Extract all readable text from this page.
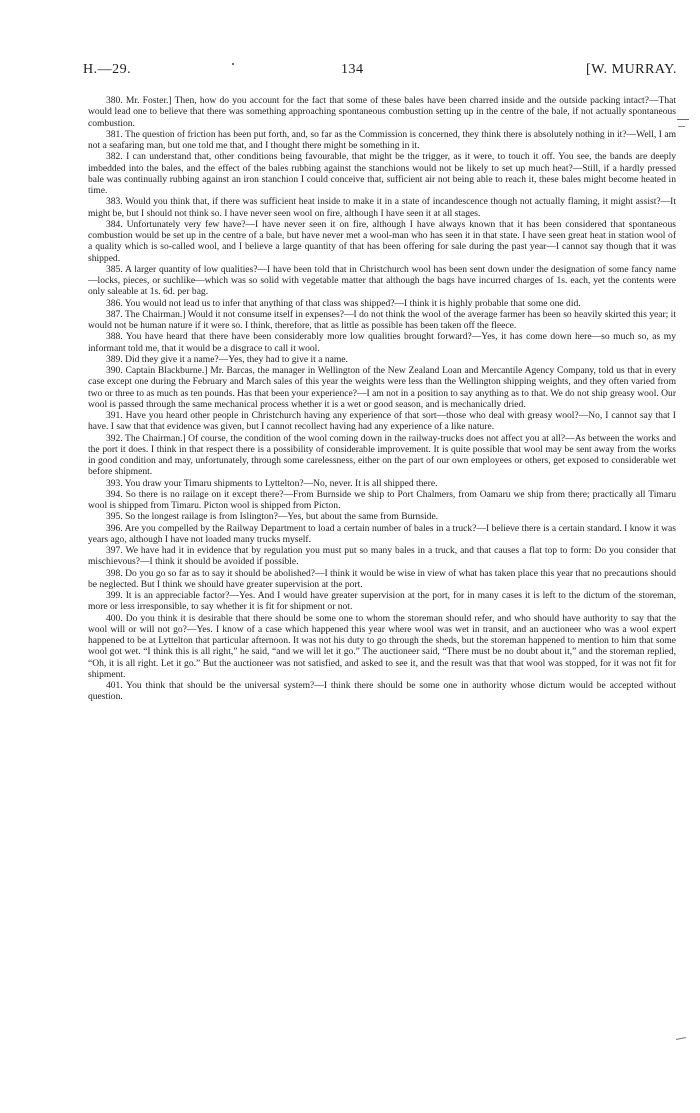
H.—29.	134	[W. MURRAY.

380. Mr. Foster.] Then, how do you account for the fact that some of these bales have been charred inside and the outside packing intact?—That would lead one to believe that there was something approaching spontaneous combustion setting up in the centre of the bale, if not actually spontaneous combustion.

381. The question of friction has been put forth, and, so far as the Commission is concerned, they think there is absolutely nothing in it?—Well, I am not a seafaring man, but one told me that, and I thought there might be something in it.

382. I can understand that, other conditions being favourable, that might be the trigger, as it were, to touch it off. You see, the bands are deeply imbedded into the bales, and the effect of the bales rubbing against the stanchions would not be likely to set up much heat?—Still, if a hardly pressed bale was continually rubbing against an iron stanchion I could conceive that, sufficient air not being able to reach it, these bales might become heated in time.

383. Would you think that, if there was sufficient heat inside to make it in a state of incandescence though not actually flaming, it might assist?—It might be, but I should not think so. I have never seen wool on fire, although I have seen it at all stages.

384. Unfortunately very few have?—I have never seen it on fire, although I have always known that it has been considered that spontaneous combustion would be set up in the centre of a bale, but have never met a wool-man who has seen it in that state. I have seen great heat in station wool of a quality which is so-called wool, and I believe a large quantity of that has been offering for sale during the past year—I cannot say though that it was shipped.

385. A larger quantity of low qualities?—I have been told that in Christchurch wool has been sent down under the designation of some fancy name—locks, pieces, or suchlike—which was so solid with vegetable matter that although the bags have incurred charges of 1s. each, yet the contents were only saleable at 1s. 6d. per bag.

386. You would not lead us to infer that anything of that class was shipped?—I think it is highly probable that some one did.

387. The Chairman.] Would it not consume itself in expenses?—I do not think the wool of the average farmer has been so heavily skirted this year; it would not be human nature if it were so. I think, therefore, that as little as possible has been taken off the fleece.

388. You have heard that there have been considerably more low qualities brought forward?—Yes, it has come down here—so much so, as my informant told me, that it would be a disgrace to call it wool.

389. Did they give it a name?—Yes, they had to give it a name.

390. Captain Blackburne.] Mr. Barcas, the manager in Wellington of the New Zealand Loan and Mercantile Agency Company, told us that in every case except one during the February and March sales of this year the weights were less than the Wellington shipping weights, and they often varied from two or three to as much as ten pounds. Has that been your experience?—I am not in a position to say anything as to that. We do not ship greasy wool. Our wool is passed through the same mechanical process whether it is a wet or good season, and is mechanically dried.

391. Have you heard other people in Christchurch having any experience of that sort—those who deal with greasy wool?—No, I cannot say that I have. I saw that that evidence was given, but I cannot recollect having had any experience of a like nature.

392. The Chairman.] Of course, the condition of the wool coming down in the railway-trucks does not affect you at all?—As between the works and the port it does. I think in that respect there is a possibility of considerable improvement. It is quite possible that wool may be sent away from the works in good condition and may, unfortunately, through some carelessness, either on the part of our own employees or others, get exposed to considerable wet before shipment.

393. You draw your Timaru shipments to Lyttelton?—No, never. It is all shipped there.

394. So there is no railage on it except there?—From Burnside we ship to Port Chalmers, from Oamaru we ship from there; practically all Timaru wool is shipped from Timaru. Picton wool is shipped from Picton.

395. So the longest railage is from Islington?—Yes, but about the same from Burnside.

396. Are you compelled by the Railway Department to load a certain number of bales in a truck?—I believe there is a certain standard. I know it was years ago, although I have not loaded many trucks myself.

397. We have had it in evidence that by regulation you must put so many bales in a truck, and that causes a flat top to form: Do you consider that mischievous?—I think it should be avoided if possible.

398. Do you go so far as to say it should be abolished?—I think it would be wise in view of what has taken place this year that no precautions should be neglected. But I think we should have greater supervision at the port.

399. It is an appreciable factor?—Yes. And I would have greater supervision at the port, for in many cases it is left to the dictum of the storeman, more or less irresponsible, to say whether it is fit for shipment or not.

400. Do you think it is desirable that there should be some one to whom the storeman should refer, and who should have authority to say that the wool will or will not go?—Yes. I know of a case which happened this year where wool was wet in transit, and an auctioneer who was a wool expert happened to be at Lyttelton that particular afternoon. It was not his duty to go through the sheds, but the storeman happened to mention to him that some wool got wet. “I think this is all right,” he said, “and we will let it go.” The auctioneer said, “There must be no doubt about it,” and the storeman replied, “Oh, it is all right. Let it go.” But the auctioneer was not satisfied, and asked to see it, and the result was that that wool was stopped, for it was not fit for shipment.

401. You think that should be the universal system?—I think there should be some one in authority whose dictum would be accepted without question.
